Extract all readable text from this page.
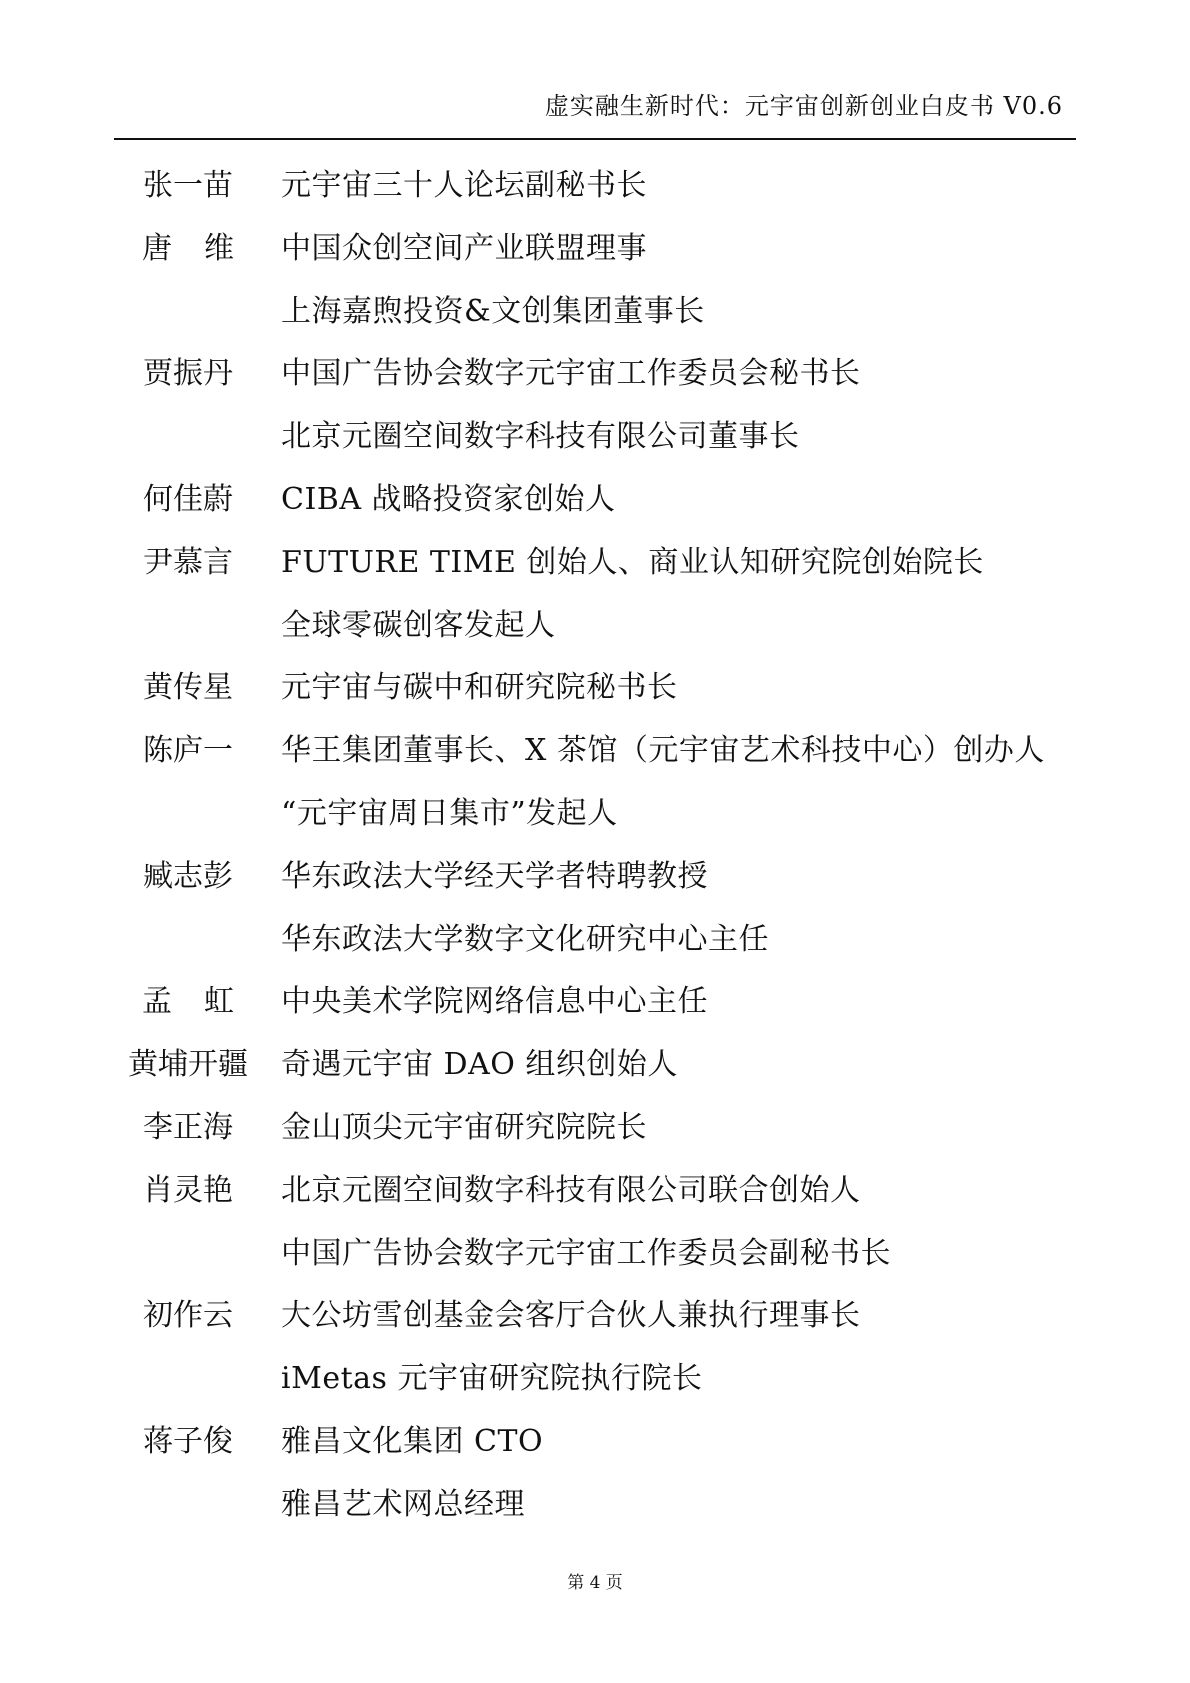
虚实融生新时代：元宇宙创新创业白皮书 V0.6
张一苗	元宇宙三十人论坛副秘书长
唐维 中国众创空间产业联盟理事
上海嘉煦投资&文创集团董事长
贾振丹	中国广告协会数字元宇宙工作委员会秘书长
北京元圈空间数字科技有限公司董事长
何佳蔚	CIBA 战略投资家创始人
尹慕言	FUTURE TIME 创始人、商业认知研究院创始院长
全球零碳创客发起人
黄传星	元宇宙与碳中和研究院秘书长
陈庐一	华王集团董事长、X 茶馆（元宇宙艺术科技中心）创办人
“元宇宙周日集市”发起人
臧志彭	华东政法大学经天学者特聘教授
华东政法大学数字文化研究中心主任
孟虹 中央美术学院网络信息中心主任
黄埔开疆 奇遇元宇宙 DAO 组织创始人
李正海	金山顶尖元宇宙研究院院长
肖灵艳	北京元圈空间数字科技有限公司联合创始人
中国广告协会数字元宇宙工作委员会副秘书长
初作云	大公坊雪创基金会客厅合伙人兼执行理事长
iMetas 元宇宙研究院执行院长
蒋子俊	雅昌文化集团 CTO
雅昌艺术网总经理
第 4 页
